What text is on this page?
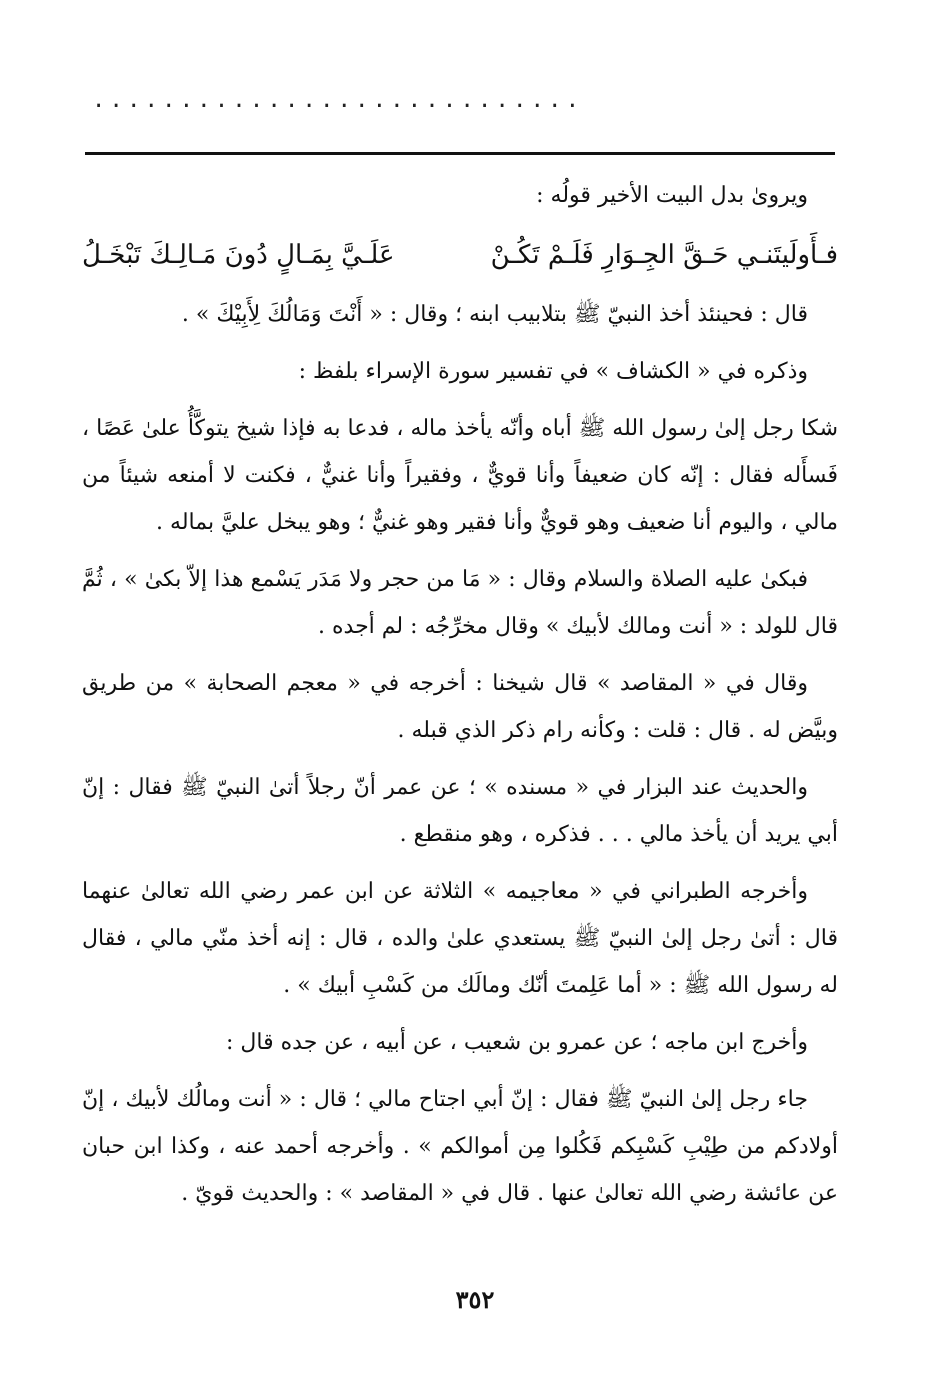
............................

ويروىٰ بدل البيت الأخير قولُه :

فـأَولَيتَنـي حَـقَّ الجِـوَارِ فَلَـمْ تَكُـنْ
عَلَـيَّ بِمَـالٍ دُونَ مَـالِـكَ تَبْخَـلُ

قال : فحينئذ أخذ النبيّ ﷺ بتلابيب ابنه ؛ وقال : « أَنْتَ وَمَالُكَ لِأَبِيْكَ » .

وذكره في « الكشاف » في تفسير سورة الإسراء بلفظ :

شكا رجل إلىٰ رسول الله ﷺ أباه وأنّه يأخذ ماله ، فدعا به فإذا شيخ يتوكَّأُ علىٰ عَصًا ، فَسأَله فقال : إنّه كان ضعيفاً وأنا قويٌّ ، وفقيراً وأنا غنيٌّ ، فكنت لا أمنعه شيئاً من مالي ، واليوم أنا ضعيف وهو قويٌّ وأنا فقير وهو غنيٌّ ؛ وهو يبخل عليَّ بماله .

فبكىٰ عليه الصلاة والسلام وقال : « مَا من حجر ولا مَدَر يَسْمع هذا إلاّ بكىٰ » ، ثُمَّ قال للولد : « أنت ومالك لأبيك » وقال مخرِّجُه : لم أجده .

وقال في « المقاصد » قال شيخنا : أخرجه في « معجم الصحابة » من طريق وبيَّض له . قال : قلت : وكأنه رام ذكر الذي قبله .

والحديث عند البزار في « مسنده » ؛ عن عمر أنّ رجلاً أتىٰ النبيّ ﷺ فقال : إنّ أبي يريد أن يأخذ مالي . . . فذكره ، وهو منقطع .

وأخرجه الطبراني في « معاجيمه » الثلاثة عن ابن عمر رضي الله تعالىٰ عنهما قال : أتىٰ رجل إلىٰ النبيّ ﷺ يستعدي علىٰ والده ، قال : إنه أخذ منّي مالي ، فقال له رسول الله ﷺ : « أما عَلِمتَ أنّك ومالَك من كَسْبِ أبيك » .

وأخرج ابن ماجه ؛ عن عمرو بن شعيب ، عن أبيه ، عن جده قال :

جاء رجل إلىٰ النبيّ ﷺ فقال : إنّ أبي اجتاح مالي ؛ قال : « أنت ومالُك لأبيك ، إنّ أولادكم من طِيْبِ كَسْبِكم فَكُلوا مِن أموالكم » . وأخرجه أحمد عنه ، وكذا ابن حبان عن عائشة رضي الله تعالىٰ عنها . قال في « المقاصد » : والحديث قويّ .

٣٥٢
